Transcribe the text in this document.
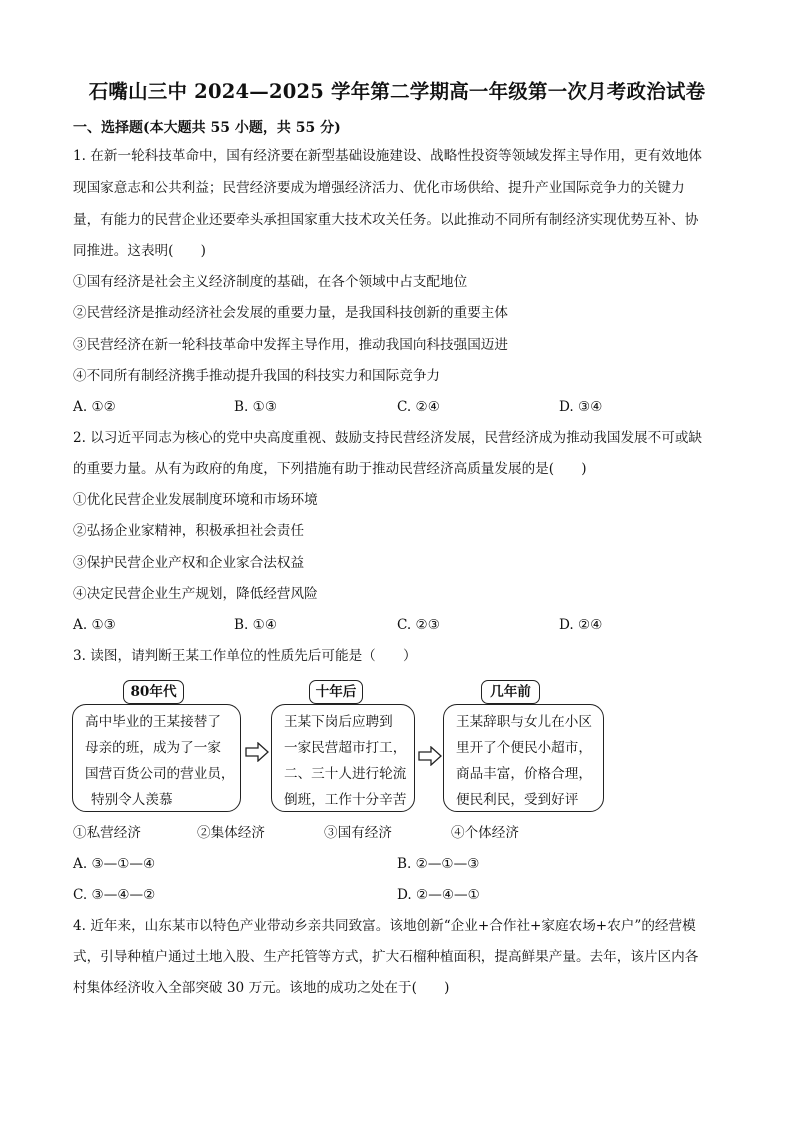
石嘴山三中 2024—2025 学年第二学期高一年级第一次月考政治试卷
一、选择题(本大题共 55 小题，共 55 分)
1. 在新一轮科技革命中，国有经济要在新型基础设施建设、战略性投资等领域发挥主导作用，更有效地体
现国家意志和公共利益；民营经济要成为增强经济活力、优化市场供给、提升产业国际竞争力的关键力
量，有能力的民营企业还要牵头承担国家重大技术攻关任务。以此推动不同所有制经济实现优势互补、协
同推进。这表明(　　)
①国有经济是社会主义经济制度的基础，在各个领域中占支配地位
②民营经济是推动经济社会发展的重要力量，是我国科技创新的重要主体
③民营经济在新一轮科技革命中发挥主导作用，推动我国向科技强国迈进
④不同所有制经济携手推动提升我国的科技实力和国际竞争力
A. ①②	B. ①③	C. ②④	D. ③④
2. 以习近平同志为核心的党中央高度重视、鼓励支持民营经济发展，民营经济成为推动我国发展不可或缺
的重要力量。从有为政府的角度，下列措施有助于推动民营经济高质量发展的是(　　)
①优化民营企业发展制度环境和市场环境
②弘扬企业家精神，积极承担社会责任
③保护民营企业产权和企业家合法权益
④决定民营企业生产规划，降低经营风险
A. ①③	B. ①④	C. ②③	D. ②④
3. 读图，请判断王某工作单位的性质先后可能是（　　）
高中毕业的王某接替了
母亲的班，成为了一家
国营百货公司的营业员，
特别令人羡慕
80年代
王某下岗后应聘到
一家民营超市打工，
二、三十人进行轮流
倒班，工作十分辛苦
十年后
王某辞职与女儿在小区
里开了个便民小超市，
商品丰富，价格合理，
便民利民，受到好评
几年前
①私营经济	②集体经济	③国有经济	④个体经济
A. ③—①—④	B. ②—①—③
C. ③—④—②	D. ②—④—①
4. 近年来，山东某市以特色产业带动乡亲共同致富。该地创新“企业+合作社+家庭农场+农户”的经营模
式，引导种植户通过土地入股、生产托管等方式，扩大石榴种植面积，提高鲜果产量。去年，该片区内各
村集体经济收入全部突破 30 万元。该地的成功之处在于(　　)
